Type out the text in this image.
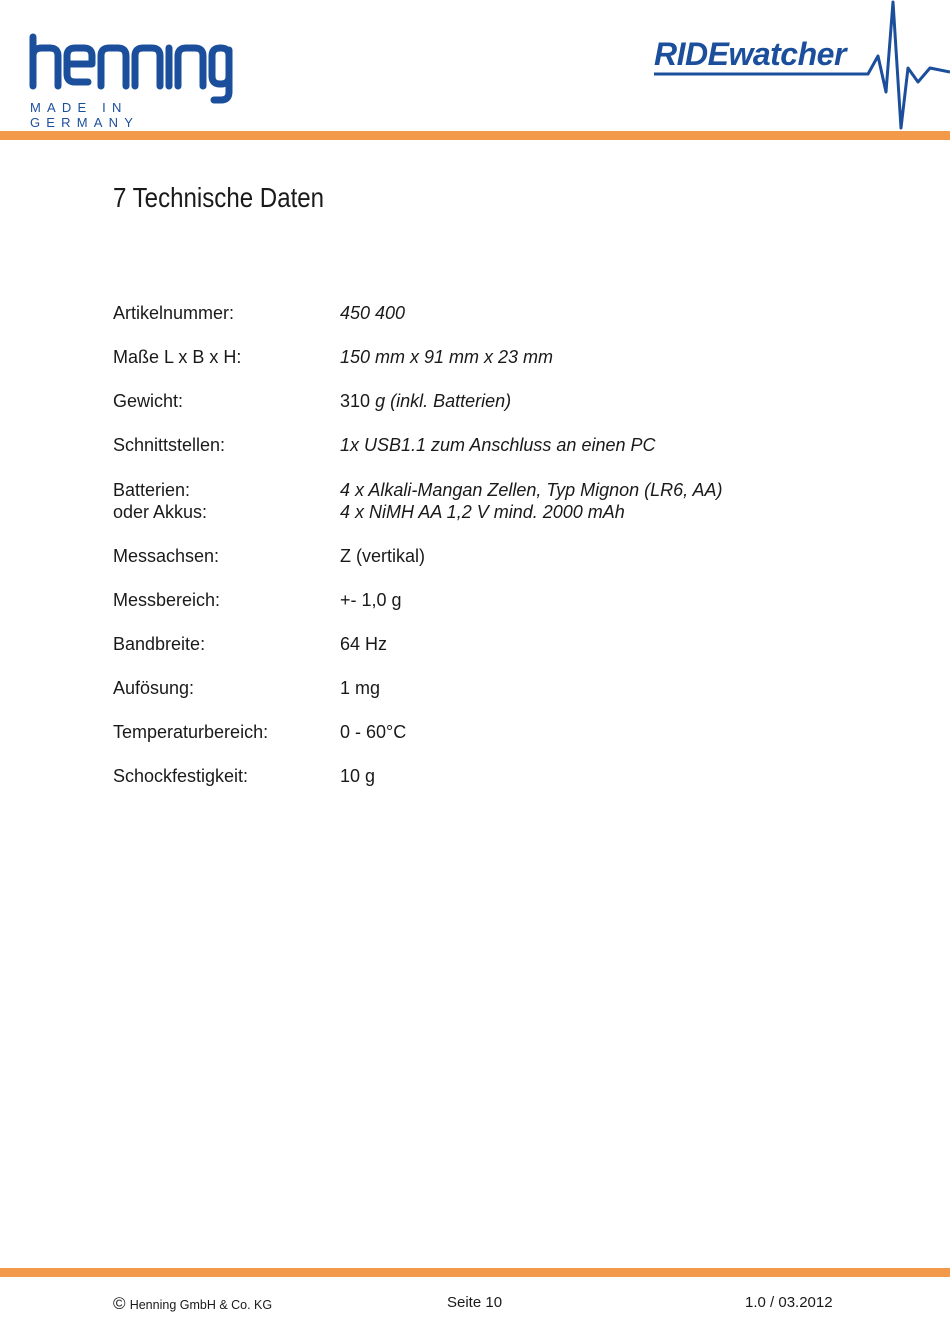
MADE IN GERMANY
RIDEwatcher
7 Technische Daten
Artikelnummer:	450 400
Maße L x B x H:	150 mm x 91 mm x 23 mm
Gewicht:	310 g (inkl. Batterien)
Schnittstellen:	1x USB1.1 zum Anschluss an einen PC
Batterien:	4 x Alkali-Mangan Zellen, Typ Mignon (LR6, AA)
oder Akkus:	4 x NiMH AA 1,2 V mind. 2000 mAh
Messachsen:	Z (vertikal)
Messbereich:	+- 1,0 g
Bandbreite:	64 Hz
Aufösung:	1 mg
Temperaturbereich:	0 - 60°C
Schockfestigkeit:	10 g
© Henning GmbH & Co. KG	Seite 10	1.0 / 03.2012
